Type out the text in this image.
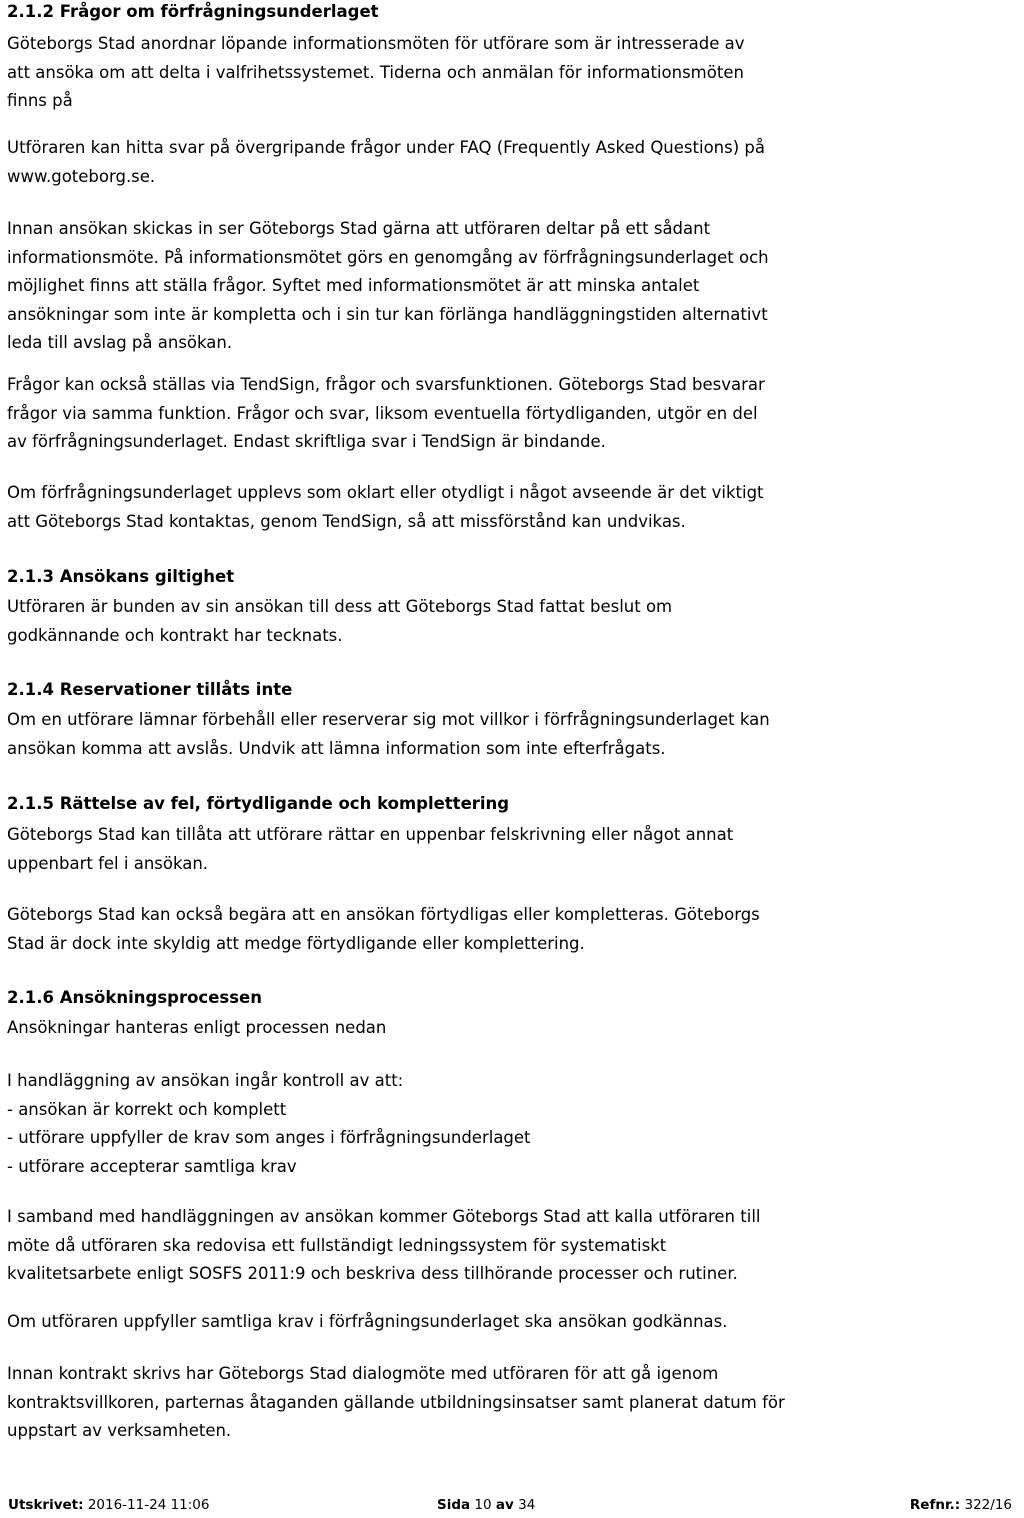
2.1.2 Frågor om förfrågningsunderlaget
Göteborgs Stad anordnar löpande informationsmöten för utförare som är intresserade av
att ansöka om att delta i valfrihetssystemet. Tiderna och anmälan för informationsmöten
finns på
Utföraren kan hitta svar på övergripande frågor under FAQ (Frequently Asked Questions) på
www.goteborg.se.
Innan ansökan skickas in ser Göteborgs Stad gärna att utföraren deltar på ett sådant
informationsmöte. På informationsmötet görs en genomgång av förfrågningsunderlaget och
möjlighet finns att ställa frågor. Syftet med informationsmötet är att minska antalet
ansökningar som inte är kompletta och i sin tur kan förlänga handläggningstiden alternativt
leda till avslag på ansökan.
Frågor kan också ställas via TendSign, frågor och svarsfunktionen. Göteborgs Stad besvarar
frågor via samma funktion. Frågor och svar, liksom eventuella förtydliganden, utgör en del
av förfrågningsunderlaget. Endast skriftliga svar i TendSign är bindande.
Om förfrågningsunderlaget upplevs som oklart eller otydligt i något avseende är det viktigt
att Göteborgs Stad kontaktas, genom TendSign, så att missförstånd kan undvikas.
2.1.3 Ansökans giltighet
Utföraren är bunden av sin ansökan till dess att Göteborgs Stad fattat beslut om
godkännande och kontrakt har tecknats.
2.1.4 Reservationer tillåts inte
Om en utförare lämnar förbehåll eller reserverar sig mot villkor i förfrågningsunderlaget kan
ansökan komma att avslås. Undvik att lämna information som inte efterfrågats.
2.1.5 Rättelse av fel, förtydligande och komplettering
Göteborgs Stad kan tillåta att utförare rättar en uppenbar felskrivning eller något annat
uppenbart fel i ansökan.
Göteborgs Stad kan också begära att en ansökan förtydligas eller kompletteras. Göteborgs
Stad är dock inte skyldig att medge förtydligande eller komplettering.
2.1.6 Ansökningsprocessen
Ansökningar hanteras enligt processen nedan
I handläggning av ansökan ingår kontroll av att:
- ansökan är korrekt och komplett
- utförare uppfyller de krav som anges i förfrågningsunderlaget
- utförare accepterar samtliga krav
I samband med handläggningen av ansökan kommer Göteborgs Stad att kalla utföraren till
möte då utföraren ska redovisa ett fullständigt ledningssystem för systematiskt
kvalitetsarbete enligt SOSFS 2011:9 och beskriva dess tillhörande processer och rutiner.
Om utföraren uppfyller samtliga krav i förfrågningsunderlaget ska ansökan godkännas.
Innan kontrakt skrivs har Göteborgs Stad dialogmöte med utföraren för att gå igenom
kontraktsvillkoren, parternas åtaganden gällande utbildningsinsatser samt planerat datum för
uppstart av verksamheten.
Utskrivet: 2016-11-24 11:06	Sida 10 av 34	Refnr.: 322/16
